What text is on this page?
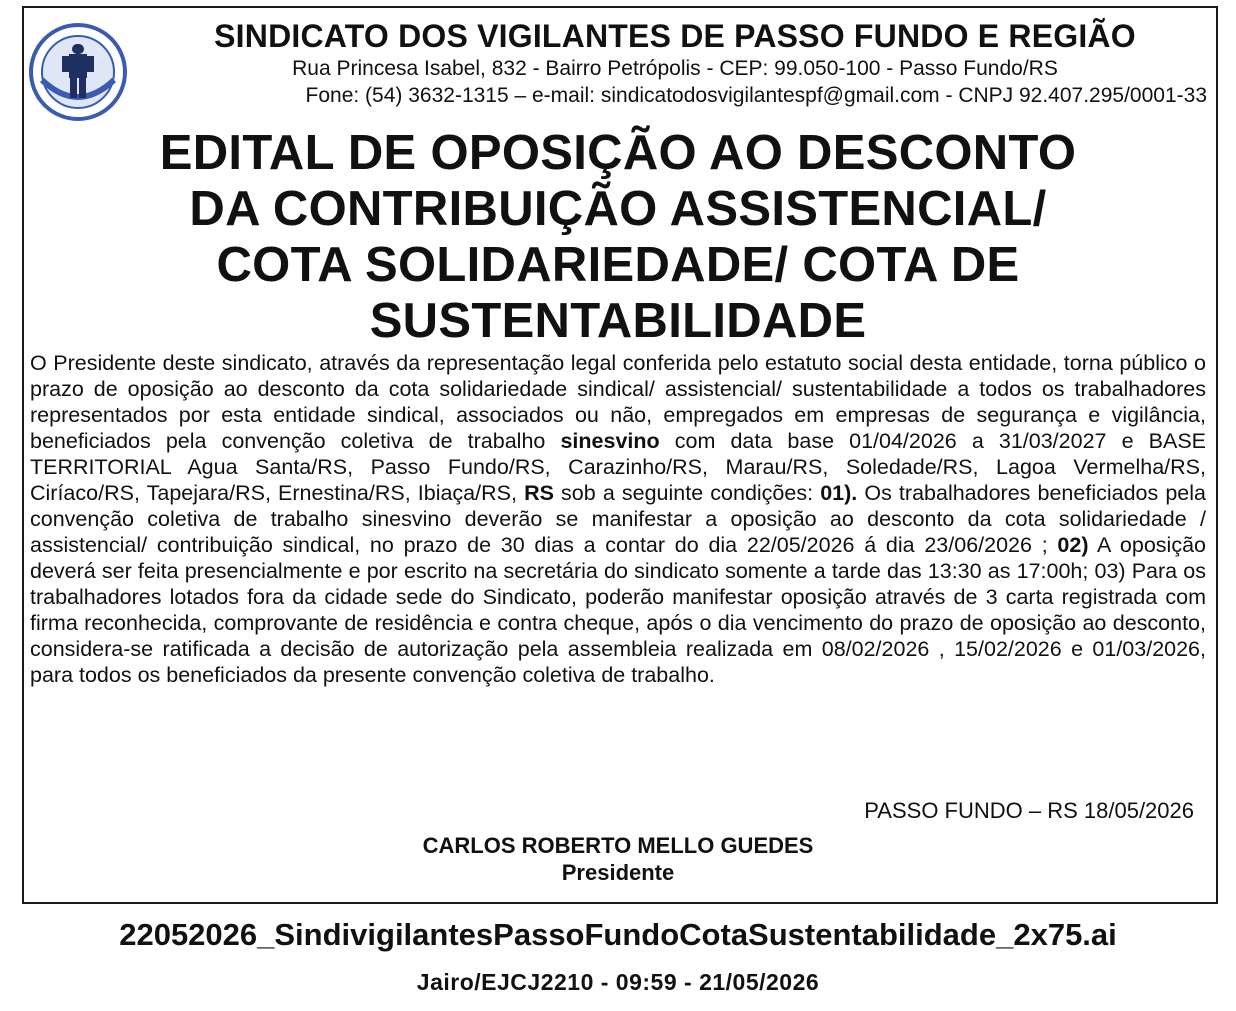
SINDICATO DOS VIGILANTES DE PASSO FUNDO E REGIÃO
Rua Princesa Isabel, 832 - Bairro Petrópolis - CEP: 99.050-100 - Passo Fundo/RS
Fone: (54) 3632-1315 – e-mail: sindicatodosvigilantespf@gmail.com - CNPJ 92.407.295/0001-33
EDITAL DE OPOSIÇÃO AO DESCONTO
DA CONTRIBUIÇÃO ASSISTENCIAL/
COTA SOLIDARIEDADE/ COTA DE
SUSTENTABILIDADE
O Presidente deste sindicato, através da representação legal conferida pelo estatuto social desta entidade, torna público o prazo de oposição ao desconto da cota solidariedade sindical/ assistencial/ sustentabilidade a todos os trabalhadores representados por esta entidade sindical, associados ou não, empregados em empresas de segurança e vigilância, beneficiados pela convenção coletiva de trabalho sinesvino com data base 01/04/2026 a 31/03/2027 e BASE TERRITORIAL Agua Santa/RS, Passo Fundo/RS, Carazinho/RS, Marau/RS, Soledade/RS, Lagoa Vermelha/RS, Ciríaco/RS, Tapejara/RS, Ernestina/RS, Ibiaça/RS, RS sob a seguinte condições: 01). Os trabalhadores beneficiados pela convenção coletiva de trabalho sinesvino deverão se manifestar a oposição ao desconto da cota solidariedade / assistencial/ contribuição sindical, no prazo de 30 dias a contar do dia 22/05/2026 á dia 23/06/2026 ; 02) A oposição deverá ser feita presencialmente e por escrito na secretária do sindicato somente a tarde das 13:30 as 17:00h; 03) Para os trabalhadores lotados fora da cidade sede do Sindicato, poderão manifestar oposição através de 3 carta registrada com firma reconhecida, comprovante de residência e contra cheque, após o dia vencimento do prazo de oposição ao desconto, considera-se ratificada a decisão de autorização pela assembleia realizada em 08/02/2026 , 15/02/2026 e 01/03/2026, para todos os beneficiados da presente convenção coletiva de trabalho.
PASSO FUNDO – RS 18/05/2026
CARLOS ROBERTO MELLO GUEDES
Presidente
22052026_SindivigilantesPassoFundoCotaSustentabilidade_2x75.ai
Jairo/EJCJ2210 - 09:59 - 21/05/2026
